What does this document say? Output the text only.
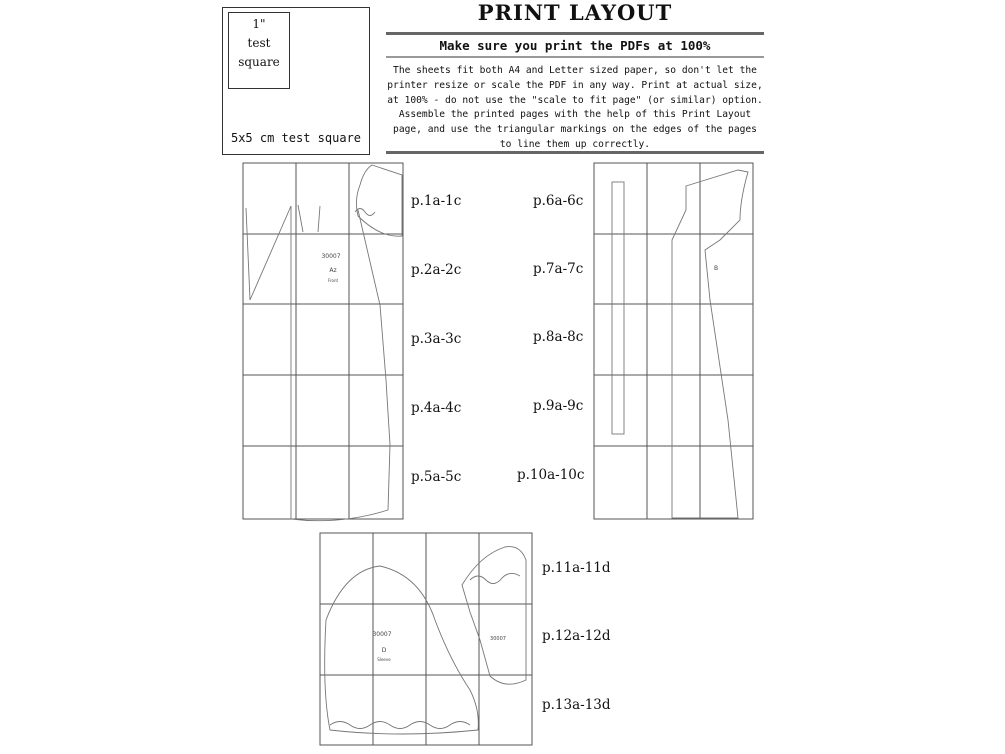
1"
test
square
5x5 cm test square
PRINT LAYOUT
Make sure you print the PDFs at 100%
The sheets fit both A4 and Letter sized paper, so don't let the
printer resize or scale the PDF in any way. Print at actual size,
at 100% - do not use the "scale to fit page" (or similar) option.
Assemble the printed pages with the help of this Print Layout
page, and use the triangular markings on the edges of the pages
to line them up correctly.
30007
Az
Front
B
30007
D
Sleeve
30007
p.1a-1c
p.2a-2c
p.3a-3c
p.4a-4c
p.5a-5c
p.6a-6c
p.7a-7c
p.8a-8c
p.9a-9c
p.10a-10c
p.11a-11d
p.12a-12d
p.13a-13d
